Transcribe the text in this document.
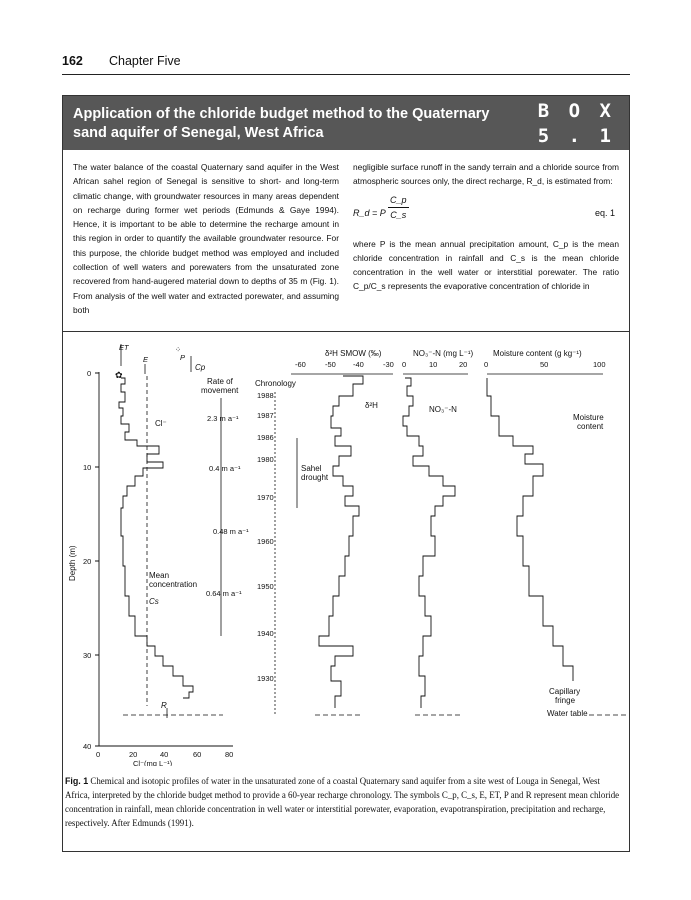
162 Chapter Five
Application of the chloride budget method to the Quaternary sand aquifer of Senegal, West Africa
B O X
5 . 1

The water balance of the coastal Quaternary sand aquifer in the West African sahel region of Senegal is sensitive to short- and long-term climatic change, with groundwater resources in many areas dependent on recharge during former wet periods (Edmunds & Gaye 1994). Hence, it is important to be able to determine the recharge amount in this region in order to quantify the available groundwater resource. For this purpose, the chloride budget method was employed and included collection of well waters and porewaters from the unsaturated zone recovered from hand-augered material down to depths of 35 m (Fig. 1). From analysis of the well water and extracted porewater, and assuming both

negligible surface runoff in the sandy terrain and a chloride source from atmospheric sources only, the direct recharge, R_d, is estimated from:

R_d = P $\frac{C\_p}{C\_s}$	eq. 1

where P is the mean annual precipitation amount, C_p is the mean chloride concentration in rainfall and C_s is the mean chloride concentration in the well water or interstitial porewater. The ratio C_p/C_s represents the evaporative concentration of chloride in

δ²H SMOW (‰)	NO₃⁻-N (mg L⁻¹) Moisture content (g kg⁻¹)
-60	-50 -40	-30 0	10	20 0	50	100
0
10
20
30
40
Depth (m)
0	20	40	60	80
Cl⁻(mg L⁻¹)
ET
E
⁘
P
Cp
✿
Cl⁻
Mean
concentration
Cs
R
Rate of
movement
2.3 m a⁻¹
0.4 m a⁻¹
0.48 m a⁻¹
0.64 m a⁻¹
Chronology
1988
1987
1986
1980
1970
1960
1950
1940
1930
Sahel
drought
δ²H	NO₃⁻-N
Moisture
content
Capillary
fringe
Water table
Fig. 1 Chemical and isotopic profiles of water in the unsaturated zone of a coastal Quaternary sand aquifer from a site west of Louga in Senegal, West Africa, interpreted by the chloride budget method to provide a 60-year recharge chronology. The symbols C_p, C_s, E, ET, P and R represent mean chloride concentration in rainfall, mean chloride concentration in well water or interstitial porewater, evaporation, evapotranspiration, precipitation and recharge, respectively. After Edmunds (1991).
